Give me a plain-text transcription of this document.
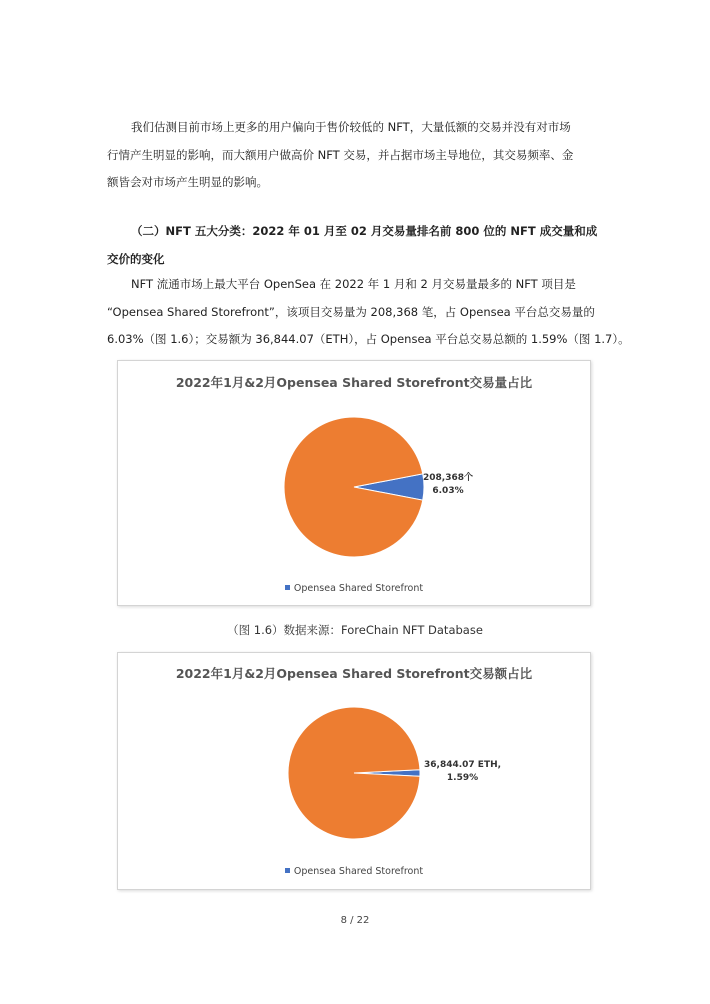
我们估测目前市场上更多的用户偏向于售价较低的 NFT，大量低额的交易并没有对市场
行情产生明显的影响，而大额用户做高价 NFT 交易，并占据市场主导地位，其交易频率、金
额皆会对市场产生明显的影响。
（二）NFT 五大分类：2022 年 01 月至 02 月交易量排名前 800 位的 NFT 成交量和成
交价的变化
NFT 流通市场上最大平台 OpenSea 在 2022 年 1 月和 2 月交易量最多的 NFT 项目是
“Opensea Shared Storefront”，该项目交易量为 208,368 笔，占 Opensea 平台总交易量的
6.03%（图 1.6）；交易额为 36,844.07（ETH），占 Opensea 平台总交易总额的 1.59%（图 1.7）。
2022年1月&2月Opensea Shared Storefront交易量占比
208,368个
6.03%
Opensea Shared Storefront
（图 1.6）数据来源：ForeChain NFT Database
2022年1月&2月Opensea Shared Storefront交易额占比
36,844.07 ETH,
1.59%
Opensea Shared Storefront
8 / 22
